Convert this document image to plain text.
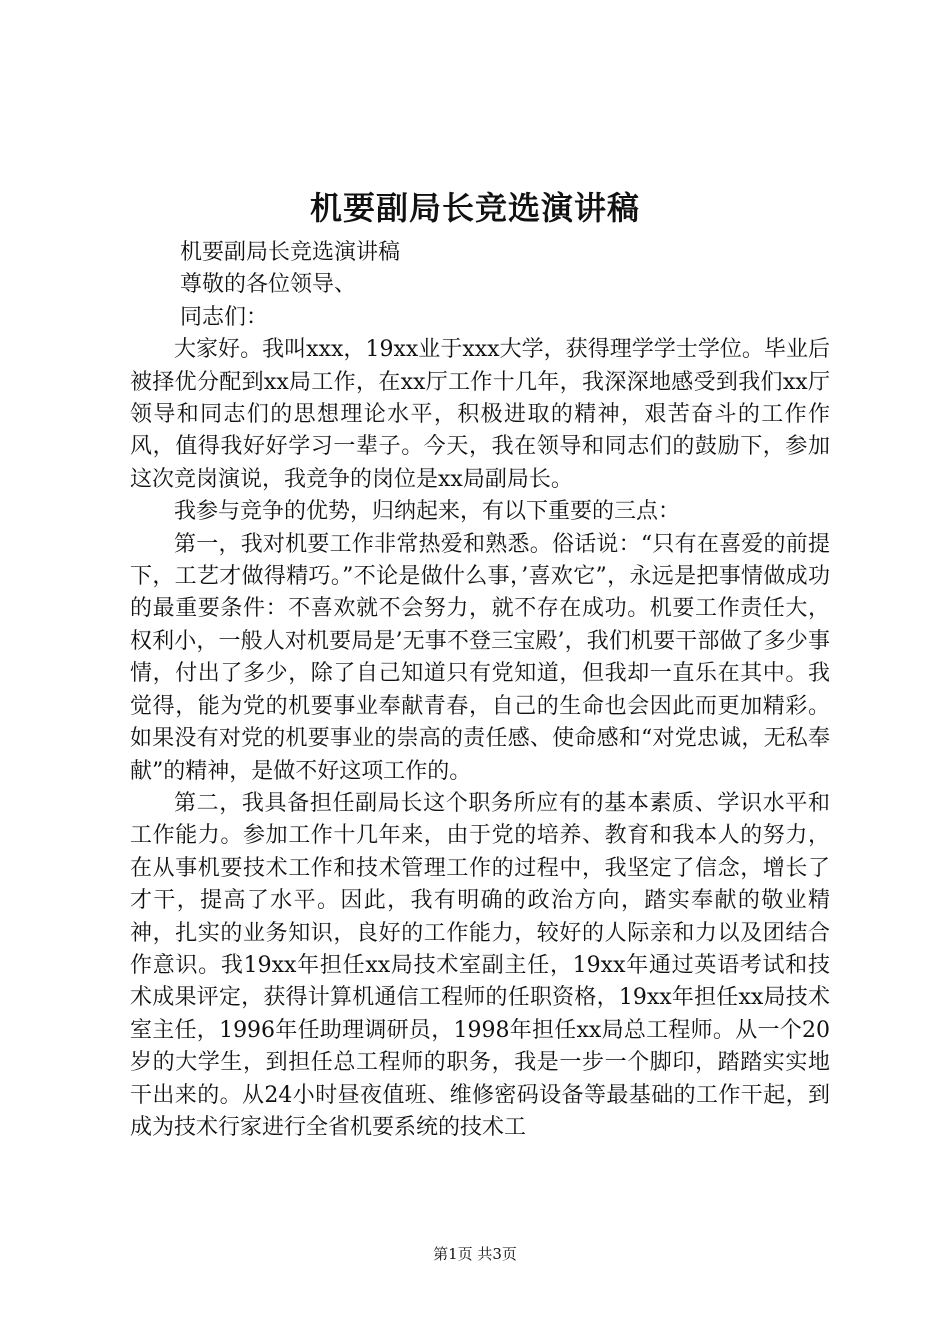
机要副局长竞选演讲稿

机要副局长竞选演讲稿

尊敬的各位领导、

同志们：

大家好。我叫xxx，19xx业于xxx大学，获得理学学士学位。毕业后被择优分配到xx局工作，在xx厅工作十几年，我深深地感受到我们xx厅领导和同志们的思想理论水平，积极进取的精神，艰苦奋斗的工作作风，值得我好好学习一辈子。今天，我在领导和同志们的鼓励下，参加这次竞岗演说，我竞争的岗位是xx局副局长。

我参与竞争的优势，归纳起来，有以下重要的三点：

第一，我对机要工作非常热爱和熟悉。俗话说：“只有在喜爱的前提下，工艺才做得精巧。”不论是做什么事，’喜欢它”，永远是把事情做成功的最重要条件：不喜欢就不会努力，就不存在成功。机要工作责任大，权利小，一般人对机要局是’无事不登三宝殿’，我们机要干部做了多少事情，付出了多少，除了自己知道只有党知道，但我却一直乐在其中。我觉得，能为党的机要事业奉献青春，自己的生命也会因此而更加精彩。如果没有对党的机要事业的崇高的责任感、使命感和“对党忠诚，无私奉献”的精神，是做不好这项工作的。

第二，我具备担任副局长这个职务所应有的基本素质、学识水平和工作能力。参加工作十几年来，由于党的培养、教育和我本人的努力，在从事机要技术工作和技术管理工作的过程中，我坚定了信念，增长了才干，提高了水平。因此，我有明确的政治方向，踏实奉献的敬业精神，扎实的业务知识，良好的工作能力，较好的人际亲和力以及团结合作意识。我19xx年担任xx局技术室副主任，19xx年通过英语考试和技术成果评定，获得计算机通信工程师的任职资格，19xx年担任xx局技术室主任，1996年任助理调研员，1998年担任xx局总工程师。从一个20岁的大学生，到担任总工程师的职务，我是一步一个脚印，踏踏实实地干出来的。从24小时昼夜值班、维修密码设备等最基础的工作干起，到成为技术行家进行全省机要系统的技术工

第1页 共3页
